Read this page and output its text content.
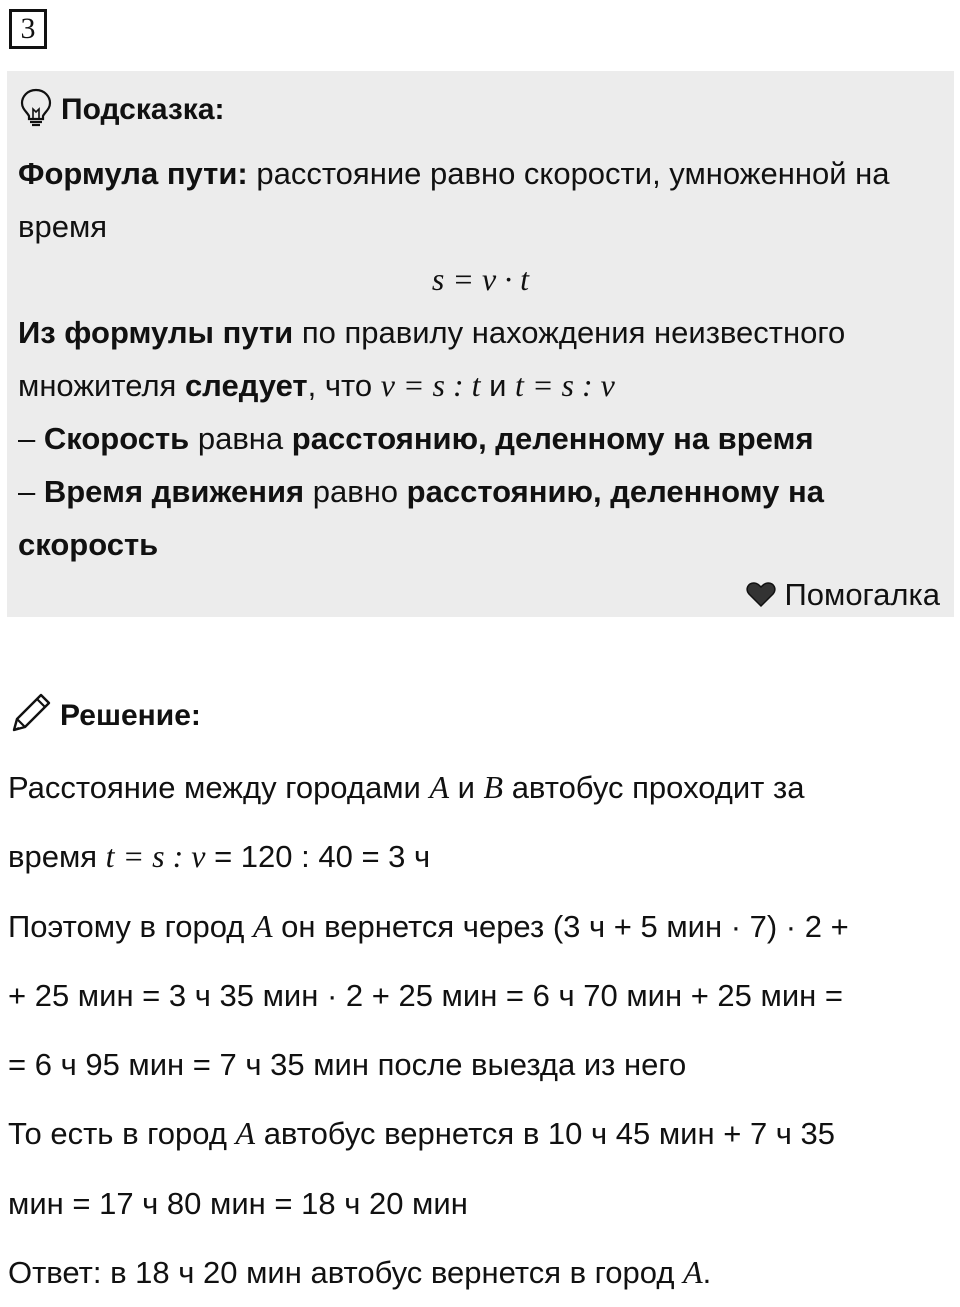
3
Подсказка:
Формула пути: расстояние равно скорости, умноженной на время
s = v · t
Из формулы пути по правилу нахождения неизвестного множителя следует, что v = s : t и t = s : v
– Скорость равна расстоянию, деленному на время
– Время движения равно расстоянию, деленному на скорость
Помогалка
Решение:
Расстояние между городами A и B автобус проходит за
время t = s : v = 120 : 40 = 3 ч
Поэтому в город A он вернется через (3 ч + 5 мин · 7) · 2 +
+ 25 мин = 3 ч 35 мин · 2 + 25 мин = 6 ч 70 мин + 25 мин =
= 6 ч 95 мин = 7 ч 35 мин после выезда из него
То есть в город A автобус вернется в 10 ч 45 мин + 7 ч 35
мин = 17 ч 80 мин = 18 ч 20 мин
Ответ: в 18 ч 20 мин автобус вернется в город A.
